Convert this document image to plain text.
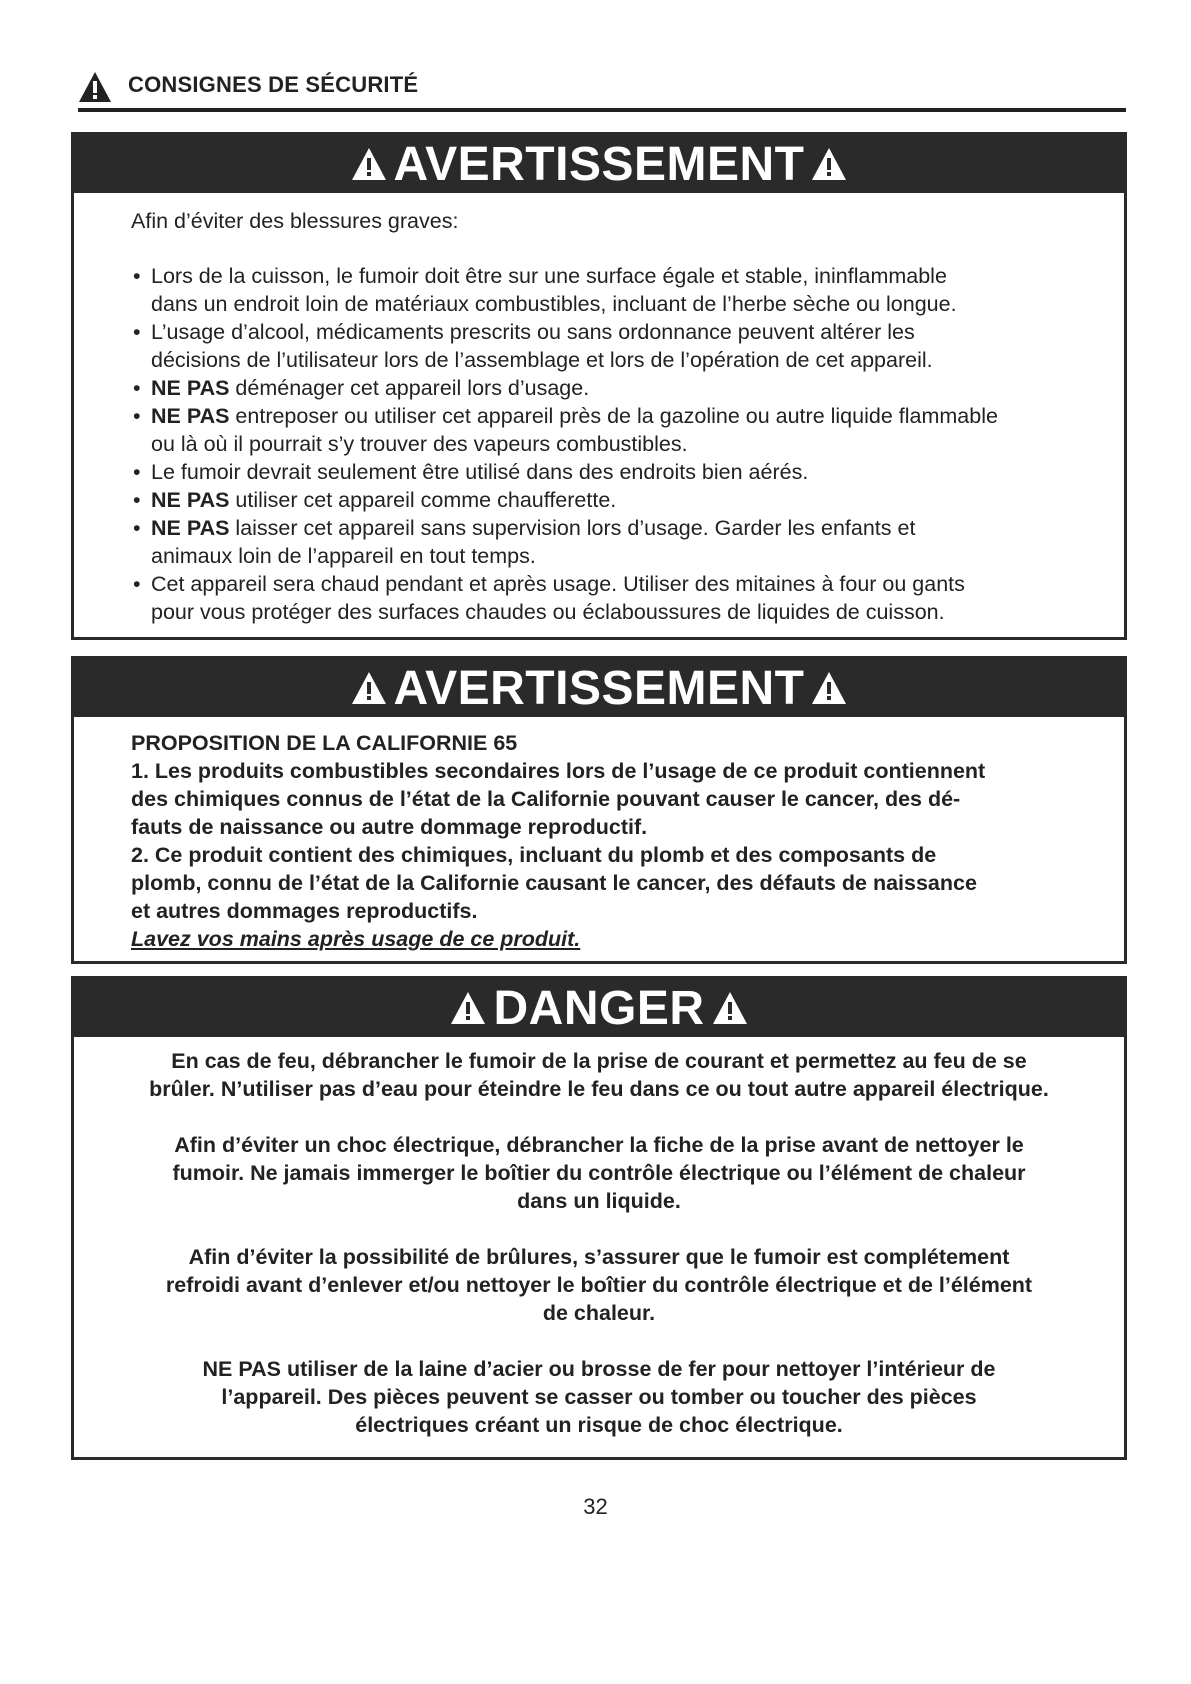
CONSIGNES DE SÉCURITÉ
AVERTISSEMENT
Afin d’éviter des blessures graves:
• Lors de la cuisson, le fumoir doit être sur une surface égale et stable, ininflammable
dans un endroit loin de matériaux combustibles, incluant de l’herbe sèche ou longue.
• L’usage d’alcool, médicaments prescrits ou sans ordonnance peuvent altérer les
décisions de l’utilisateur lors de l’assemblage et lors de l’opération de cet appareil.
• NE PAS déménager cet appareil lors d’usage.
• NE PAS entreposer ou utiliser cet appareil près de la gazoline ou autre liquide flammable
ou là où il pourrait s’y trouver des vapeurs combustibles.
• Le fumoir devrait seulement être utilisé dans des endroits bien aérés.
• NE PAS utiliser cet appareil comme chaufferette.
• NE PAS laisser cet appareil sans supervision lors d’usage. Garder les enfants et
animaux loin de l’appareil en tout temps.
• Cet appareil sera chaud pendant et après usage. Utiliser des mitaines à four ou gants
pour vous protéger des surfaces chaudes ou éclaboussures de liquides de cuisson.
AVERTISSEMENT
PROPOSITION DE LA CALIFORNIE 65
1. Les produits combustibles secondaires lors de l’usage de ce produit contiennent
des chimiques connus de l’état de la Californie pouvant causer le cancer, des dé-
fauts de naissance ou autre dommage reproductif.
2. Ce produit contient des chimiques, incluant du plomb et des composants de
plomb, connu de l’état de la Californie causant le cancer, des défauts de naissance
et autres dommages reproductifs.
Lavez vos mains après usage de ce produit.
DANGER
En cas de feu, débrancher le fumoir de la prise de courant et permettez au feu de se
brûler. N’utiliser pas d’eau pour éteindre le feu dans ce ou tout autre appareil électrique.
Afin d’éviter un choc électrique, débrancher la fiche de la prise avant de nettoyer le
fumoir. Ne jamais immerger le boîtier du contrôle électrique ou l’élément de chaleur
dans un liquide.
Afin d’éviter la possibilité de brûlures, s’assurer que le fumoir est complétement
refroidi avant d’enlever et/ou nettoyer le boîtier du contrôle électrique et de l’élément
de chaleur.
NE PAS utiliser de la laine d’acier ou brosse de fer pour nettoyer l’intérieur de
l’appareil. Des pièces peuvent se casser ou tomber ou toucher des pièces
électriques créant un risque de choc électrique.
32
